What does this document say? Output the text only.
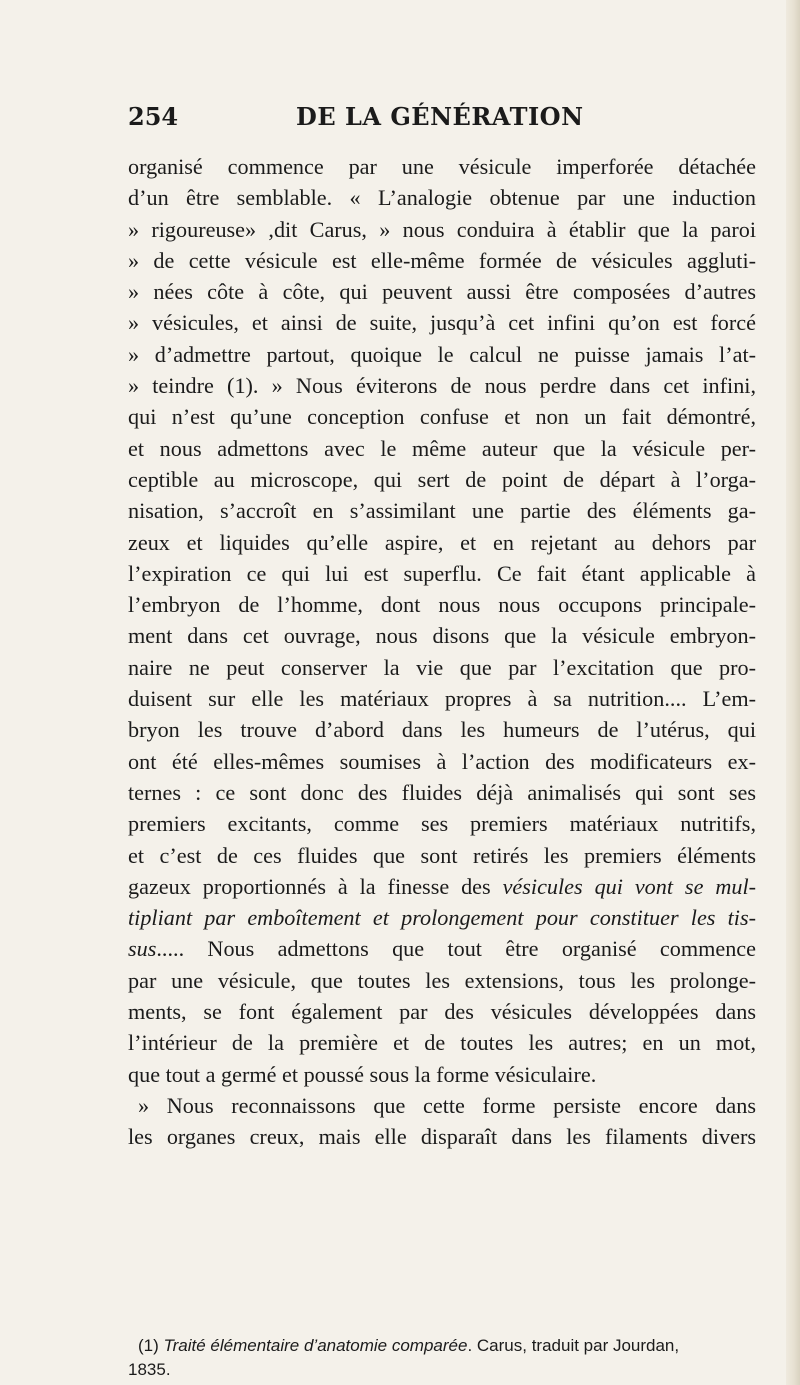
254	DE LA GÉNÉRATION
organisé commence par une vésicule imperforée détachée
d’un être semblable. « L’analogie obtenue par une induction
» rigoureuse» ,dit Carus, » nous conduira à établir que la paroi
» de cette vésicule est elle-même formée de vésicules aggluti-
» nées côte à côte, qui peuvent aussi être composées d’autres
» vésicules, et ainsi de suite, jusqu’à cet infini qu’on est forcé
» d’admettre partout, quoique le calcul ne puisse jamais l’at-
» teindre (1). » Nous éviterons de nous perdre dans cet infini,
qui n’est qu’une conception confuse et non un fait démontré,
et nous admettons avec le même auteur que la vésicule per-
ceptible au microscope, qui sert de point de départ à l’orga-
nisation, s’accroît en s’assimilant une partie des éléments ga-
zeux et liquides qu’elle aspire, et en rejetant au dehors par
l’expiration ce qui lui est superflu. Ce fait étant applicable à
l’embryon de l’homme, dont nous nous occupons principale-
ment dans cet ouvrage, nous disons que la vésicule embryon-
naire ne peut conserver la vie que par l’excitation que pro-
duisent sur elle les matériaux propres à sa nutrition.... L’em-
bryon les trouve d’abord dans les humeurs de l’utérus, qui
ont été elles-mêmes soumises à l’action des modificateurs ex-
ternes : ce sont donc des fluides déjà animalisés qui sont ses
premiers excitants, comme ses premiers matériaux nutritifs,
et c’est de ces fluides que sont retirés les premiers éléments
gazeux proportionnés à la finesse des vésicules qui vont se mul-
tipliant par emboîtement et prolongement pour constituer les tis-
sus..... Nous admettons que tout être organisé commence
par une vésicule, que toutes les extensions, tous les prolonge-
ments, se font également par des vésicules développées dans
l’intérieur de la première et de toutes les autres; en un mot,
que tout a germé et poussé sous la forme vésiculaire.
» Nous reconnaissons que cette forme persiste encore dans
les organes creux, mais elle disparaît dans les filaments divers
(1) Traité élémentaire d’anatomie comparée. Carus, traduit par Jourdan,
1835.
